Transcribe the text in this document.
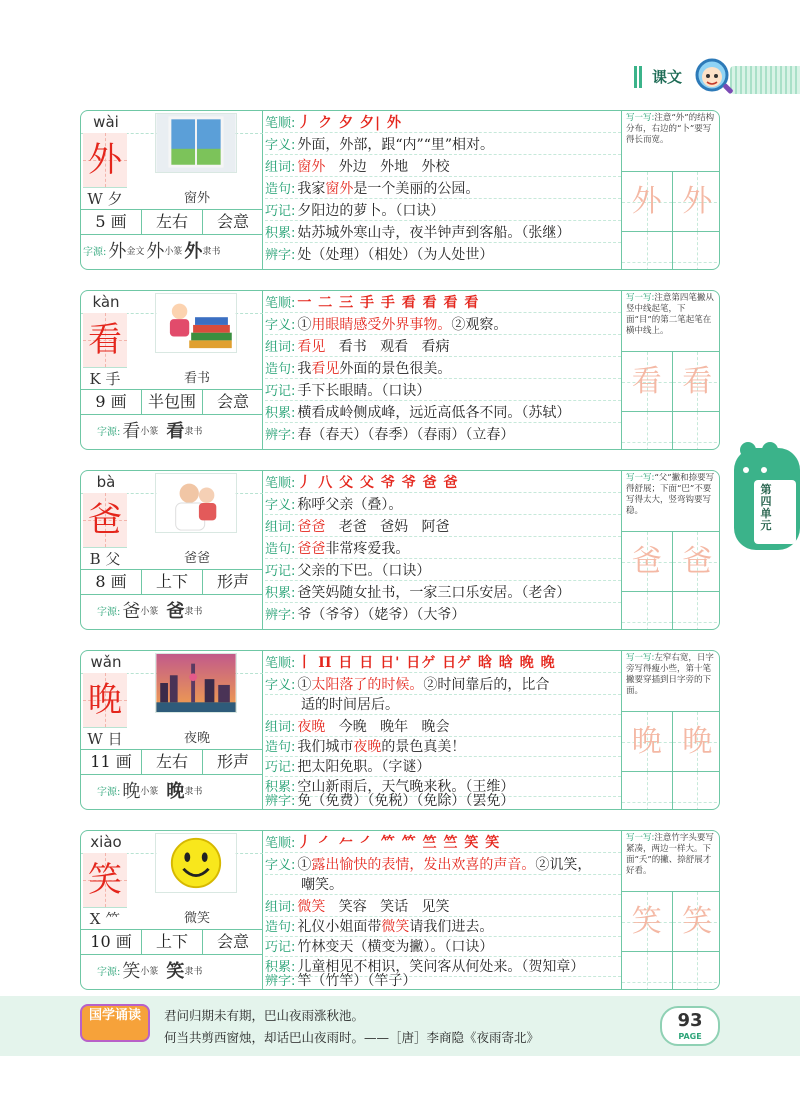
课文
第四单元
wài
外
W 夕	窗外
5 画	左右	会意
字源: 外 金文 外 小篆 外 隶书
笔顺: 丿 ク 夕 夕| 外
字义: 外面，外部，跟“内”“里”相对。
组词: 窗外 外边 外地 外校
造句: 我家窗外是一个美丽的公园。
巧记: 夕阳边的萝卜。（口诀）
积累: 姑苏城外寒山寺，夜半钟声到客船。（张继）
辨字: 处（处理）（相处）（为人处世）
写一写:注意“外”的结构分布，右边的“卜”要写得长而宽。
外 外
kàn
看
K 手	看书
9 画	半包围	会意
字源: 看 小篆 看 隶书
笔顺: 一 二 三 手 手 看 看 看 看
字义: ①用眼睛感受外界事物。②观察。
组词: 看见 看书 观看 看病
造句: 我看见外面的景色很美。
巧记: 手下长眼睛。（口诀）
积累: 横看成岭侧成峰，远近高低各不同。（苏轼）
辨字: 春（春天）（春季）（春雨）（立春）
写一写:注意第四笔撇从竖中线起笔，下面“目”的第二笔起笔在横中线上。
看 看
bà
爸
B 父	爸爸
8 画	上下	形声
字源: 爸 小篆 爸 隶书
笔顺: 丿 八 父 父 爷 爷 爸 爸
字义: 称呼父亲（叠）。
组词: 爸爸 老爸 爸妈 阿爸
造句: 爸爸非常疼爱我。
巧记: 父亲的下巴。（口诀）
积累: 爸笑妈随女扯书，一家三口乐安居。（老舍）
辨字: 爷（爷爷）（姥爷）（大爷）
写一写:“父”撇和捺要写得舒展；下面“巴”不要写得太大，竖弯钩要写稳。
爸 爸
wǎn
晚
W 日	夜晚
11 画	左右	形声
字源: 晚 小篆 晚 隶书
笔顺: 丨 П 日 日 日' 日ゲ 日ゲ 晗 晗 晚 晚
字义: ①太阳落了的时候。②时间靠后的，比合
适的时间居后。
组词: 夜晚 今晚 晚年 晚会
造句: 我们城市夜晚的景色真美！
巧记: 把太阳免职。（字谜）
积累: 空山新雨后，天气晚来秋。（王维）
辨字: 免（免费）（免税）（免除）（罢免）
写一写:左窄右宽，日字旁写得瘦小些，第十笔撇要穿插到日字旁的下面。
晚 晚
xiào
笑
X ⺮	微笑
10 画	上下	会意
字源: 笑 小篆 笑 隶书
笔顺: 丿 ㇒ 𠂉 ㇒ 𥫗 𥫗 竺 竺 笑 笑
字义: ①露出愉快的表情，发出欢喜的声音。②讥笑，
嘲笑。
组词: 微笑 笑容 笑话 见笑
造句: 礼仪小姐面带微笑请我们进去。
巧记: 竹林变天（横变为撇）。（口诀）
积累: 儿童相见不相识，笑问客从何处来。（贺知章）
辨字: 竿（竹竿）（竿子）
写一写:注意竹字头要写紧凑，两边一样大。下面“夭”的撇、捺舒展才好看。
笑 笑
国学诵读	君问归期未有期，巴山夜雨涨秋池。
何当共剪西窗烛，却话巴山夜雨时。——［唐］李商隐《夜雨寄北》
93
PAGE
